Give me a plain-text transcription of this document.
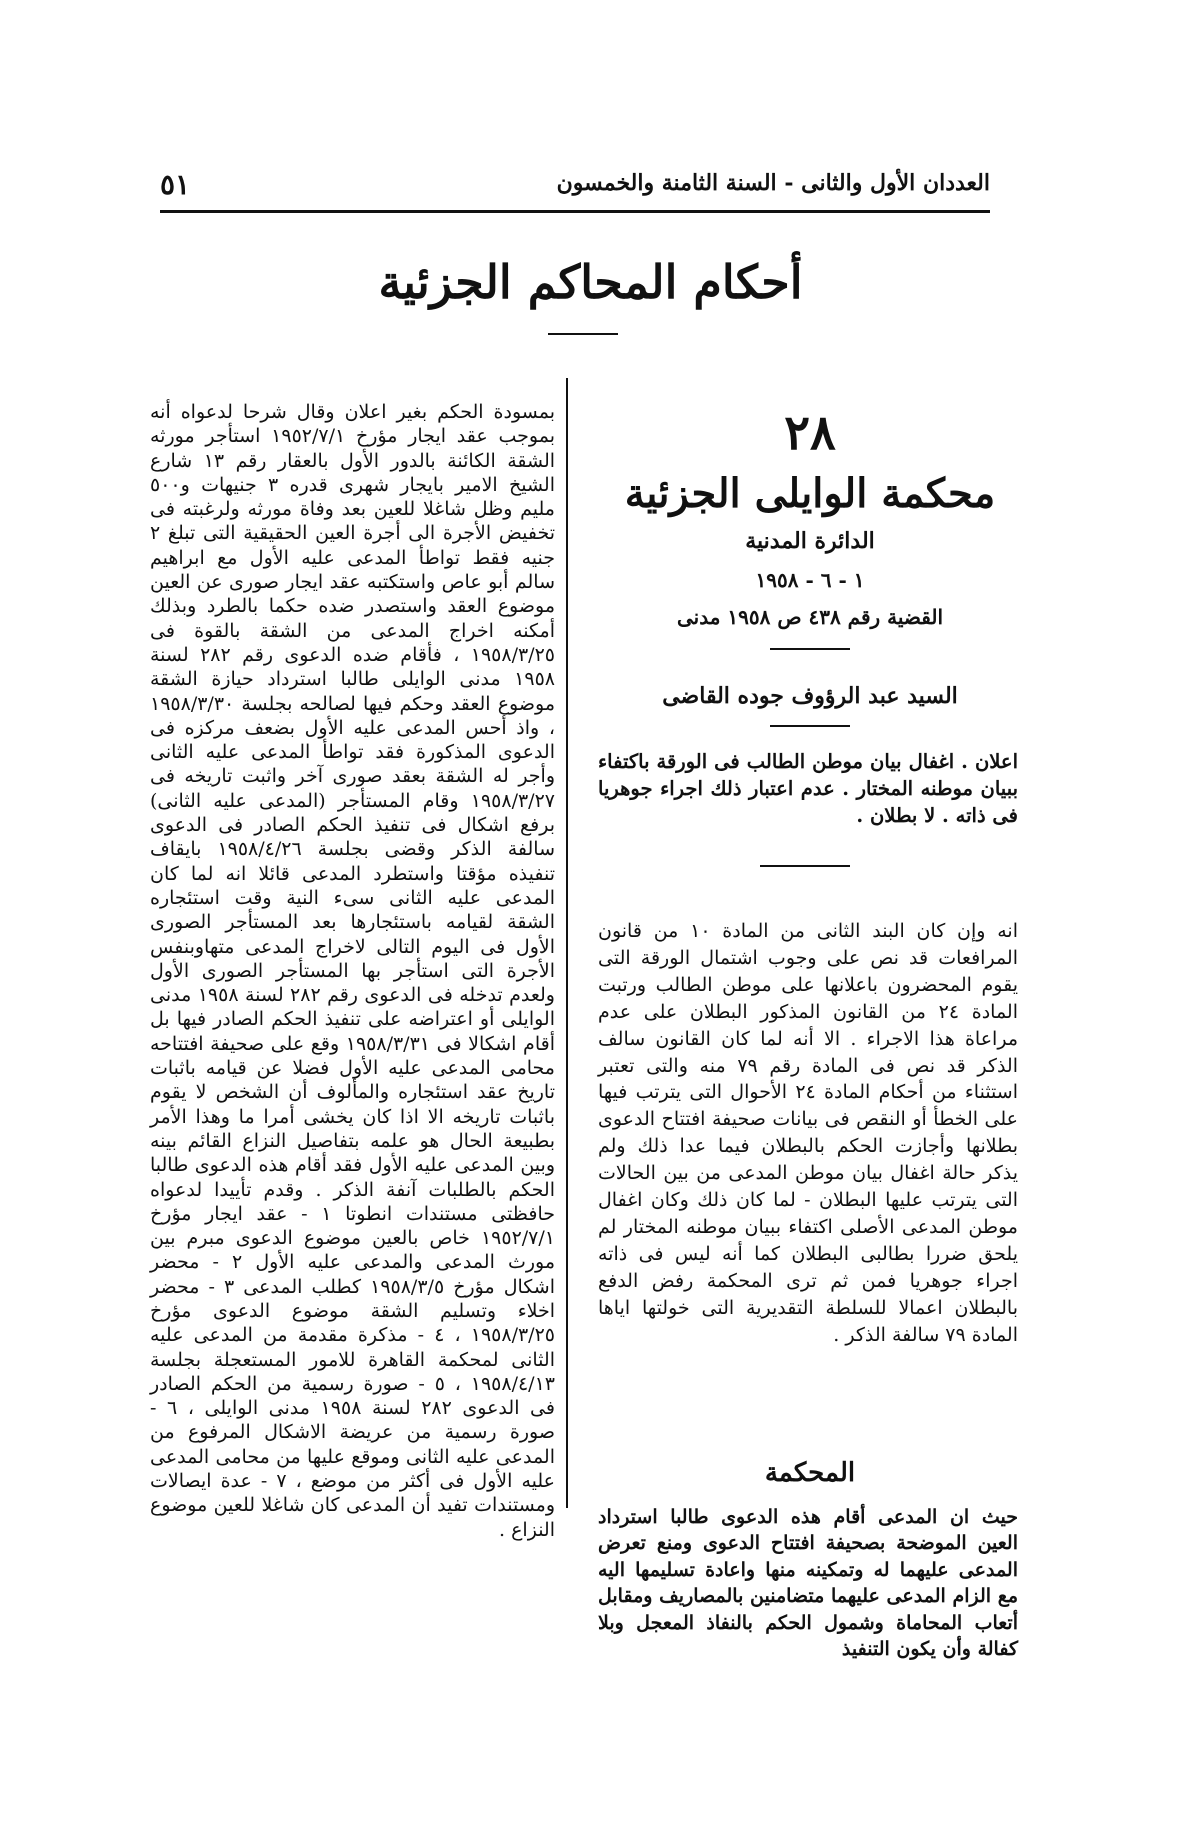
٥١	العددان الأول والثانى - السنة الثامنة والخمسون
أحكام المحاكم الجزئية
٢٨
محكمة الوايلى الجزئية
الدائرة المدنية
١ - ٦ - ١٩٥٨
القضية رقم ٤٣٨ ص ١٩٥٨ مدنى
السيد عبد الرؤوف جوده القاضى
اعلان . اغفال بيان موطن الطالب فى الورقة باكتفاء ببيان موطنه المختار . عدم اعتبار ذلك اجراء جوهريا فى ذاته . لا بطلان .
انه وإن كان البند الثانى من المادة ١٠ من قانون المرافعات قد نص على وجوب اشتمال الورقة التى يقوم المحضرون باعلانها على موطن الطالب ورتبت المادة ٢٤ من القانون المذكور البطلان على عدم مراعاة هذا الاجراء . الا أنه لما كان القانون سالف الذكر قد نص فى المادة رقم ٧٩ منه والتى تعتبر استثناء من أحكام المادة ٢٤ الأحوال التى يترتب فيها على الخطأ أو النقص فى بيانات صحيفة افتتاح الدعوى بطلانها وأجازت الحكم بالبطلان فيما عدا ذلك ولم يذكر حالة اغفال بيان موطن المدعى من بين الحالات التى يترتب عليها البطلان - لما كان ذلك وكان اغفال موطن المدعى الأصلى اكتفاء ببيان موطنه المختار لم يلحق ضررا بطالبى البطلان كما أنه ليس فى ذاته اجراء جوهريا فمن ثم ترى المحكمة رفض الدفع بالبطلان اعمالا للسلطة التقديرية التى خولتها اياها المادة ٧٩ سالفة الذكر .
المحكمة
حيث ان المدعى أقام هذه الدعوى طالبا استرداد العين الموضحة بصحيفة افتتاح الدعوى ومنع تعرض المدعى عليهما له وتمكينه منها واعادة تسليمها اليه مع الزام المدعى عليهما متضامنين بالمصاريف ومقابل أتعاب المحاماة وشمول الحكم بالنفاذ المعجل وبلا كفالة وأن يكون التنفيذ
بمسودة الحكم بغير اعلان وقال شرحا لدعواه أنه بموجب عقد ايجار مؤرخ ١٩٥٢/٧/١ استأجر مورثه الشقة الكائنة بالدور الأول بالعقار رقم ١٣ شارع الشيخ الامير بايجار شهرى قدره ٣ جنيهات و٥٠٠ مليم وظل شاغلا للعين بعد وفاة مورثه ولرغبته فى تخفيض الأجرة الى أجرة العين الحقيقية التى تبلغ ٢ جنيه فقط تواطأ المدعى عليه الأول مع ابراهيم سالم أبو عاص واستكتبه عقد ايجار صورى عن العين موضوع العقد واستصدر ضده حكما بالطرد وبذلك أمكنه اخراج المدعى من الشقة بالقوة فى ١٩٥٨/٣/٢٥ ، فأقام ضده الدعوى رقم ٢٨٢ لسنة ١٩٥٨ مدنى الوايلى طالبا استرداد حيازة الشقة موضوع العقد وحكم فيها لصالحه بجلسة ١٩٥٨/٣/٣٠ ، واذ أحس المدعى عليه الأول بضعف مركزه فى الدعوى المذكورة فقد تواطأ المدعى عليه الثانى وأجر له الشقة بعقد صورى آخر واثبت تاريخه فى ١٩٥٨/٣/٢٧ وقام المستأجر (المدعى عليه الثانى) برفع اشكال فى تنفيذ الحكم الصادر فى الدعوى سالفة الذكر وقضى بجلسة ١٩٥٨/٤/٢٦ بايقاف تنفيذه مؤقتا واستطرد المدعى قائلا انه لما كان المدعى عليه الثانى سىء النية وقت استئجاره الشقة لقيامه باستئجارها بعد المستأجر الصورى الأول فى اليوم التالى لاخراج المدعى متهاوبنفس الأجرة التى استأجر بها المستأجر الصورى الأول ولعدم تدخله فى الدعوى رقم ٢٨٢ لسنة ١٩٥٨ مدنى الوايلى أو اعتراضه على تنفيذ الحكم الصادر فيها بل أقام اشكالا فى ١٩٥٨/٣/٣١ وقع على صحيفة افتتاحه محامى المدعى عليه الأول فضلا عن قيامه باثبات تاريخ عقد استئجاره والمألوف أن الشخص لا يقوم باثبات تاريخه الا اذا كان يخشى أمرا ما وهذا الأمر بطبيعة الحال هو علمه بتفاصيل النزاع القائم بينه وبين المدعى عليه الأول فقد أقام هذه الدعوى طالبا الحكم بالطلبات آنفة الذكر . وقدم تأييدا لدعواه حافظتى مستندات انطوتا ١ - عقد ايجار مؤرخ ١٩٥٢/٧/١ خاص بالعين موضوع الدعوى مبرم بين مورث المدعى والمدعى عليه الأول ٢ - محضر اشكال مؤرخ ١٩٥٨/٣/٥ كطلب المدعى ٣ - محضر اخلاء وتسليم الشقة موضوع الدعوى مؤرخ ١٩٥٨/٣/٢٥ ، ٤ - مذكرة مقدمة من المدعى عليه الثانى لمحكمة القاهرة للامور المستعجلة بجلسة ١٩٥٨/٤/١٣ ، ٥ - صورة رسمية من الحكم الصادر فى الدعوى ٢٨٢ لسنة ١٩٥٨ مدنى الوايلى ، ٦ - صورة رسمية من عريضة الاشكال المرفوع من المدعى عليه الثانى وموقع عليها من محامى المدعى عليه الأول فى أكثر من موضع ، ٧ - عدة ايصالات ومستندات تفيد أن المدعى كان شاغلا للعين موضوع النزاع .
